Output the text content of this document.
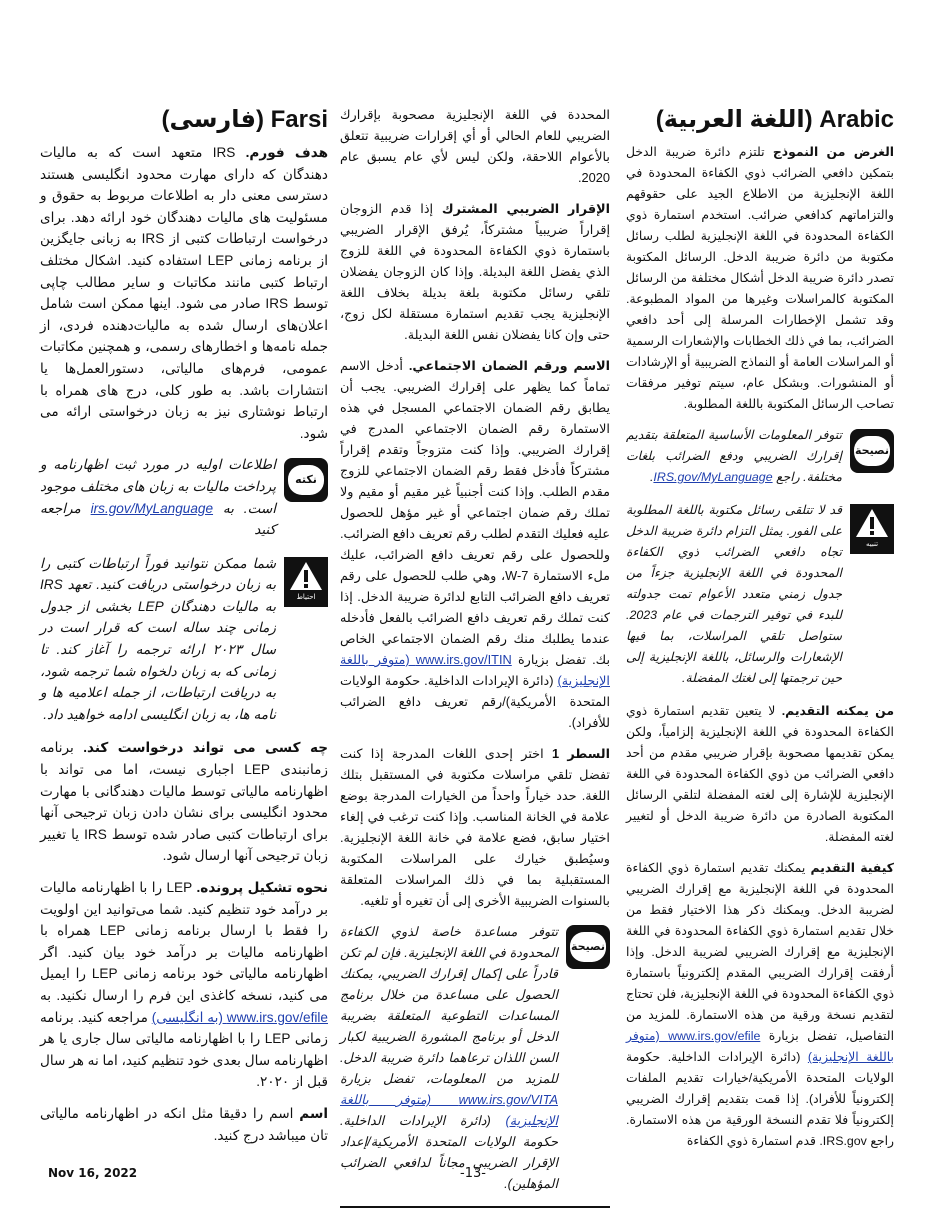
Farsi (فارسی)

هدف فورم. IRS متعهد است که به مالیات دهندگان که دارای مهارت محدود انگلیسی هستند دسترسی معنی دار به اطلاعات مربوط به حقوق و مسئولیت های مالیات دهندگان خود ارائه دهد. برای درخواست ارتباطات کتبی از IRS به زبانی جایگزین از برنامه زمانی LEP استفاده کنید. اشکال مختلف ارتباط کتبی مانند مکاتبات و سایر مطالب چاپی توسط IRS صادر می شود. اینها ممکن است شامل اعلان‌های ارسال شده به مالیات‌دهنده فردی، از جمله نامه‌ها و اخطارهای رسمی، و همچنین مکاتبات عمومی، فرم‌های مالیاتی، دستورالعمل‌ها یا انتشارات باشد. به طور کلی، درج های همراه با ارتباط نوشتاری نیز به زبان درخواستی ارائه می شود.

نکته
اطلاعات اولیه در مورد ثبت اظهارنامه و پرداخت مالیات به زبان های مختلف موجود است. به irs.gov/MyLanguage مراجعه کنید
احتیاط
شما ممکن نتوانید فوراً ارتباطات کتبی را به زبان درخواستی دریافت کنید. تعهد IRS به مالیات دهندگان LEP بخشی از جدول زمانی چند ساله است که قرار است در سال ۲۰۲۳ ارائه ترجمه را آغاز کند. تا زمانی که به زبان دلخواه شما ترجمه شود، به دریافت ارتباطات، از جمله اعلامیه ها و نامه ها، به زبان انگلیسی ادامه خواهید داد.

چه کسی می تواند درخواست کند. برنامه زمانبندی LEP اجباری نیست، اما می تواند با اظهارنامه مالیاتی توسط مالیات دهندگانی با مهارت محدود انگلیسی برای نشان دادن زبان ترجیحی آنها برای ارتباطات کتبی صادر شده توسط IRS یا تغییر زبان ترجیحی آنها ارسال شود.

نحوه تشکیل پرونده. LEP را با اظهارنامه مالیات بر درآمد خود تنظیم کنید. شما می‌توانید این اولویت را فقط با ارسال برنامه زمانی LEP همراه با اظهارنامه مالیات بر درآمد خود بیان کنید. اگر اظهارنامه مالیاتی خود برنامه زمانی LEP را ایمیل می کنید، نسخه کاغذی این فرم را ارسال نکنید. به www.irs.gov/efile (به انگلیسی) مراجعه کنید. برنامه زمانی LEP را با اظهارنامه مالیاتی سال جاری یا هر اظهارنامه سال بعدی خود تنظیم کنید، اما نه هر سال قبل از ۲۰۲۰.

اسم اسم را دقیقا مثل انکه در اظهارنامه مالیاتی تان میباشد درج کنید.

المحددة في اللغة الإنجليزية مصحوبة بإقرارك الضريبي للعام الحالي أو أي إقرارات ضريبية تتعلق بالأعوام اللاحقة، ولكن ليس لأي عام يسبق عام 2020.

الإقرار الضريبي المشترك إذا قدم الزوجان إقراراً ضريبياً مشتركاً، يُرفق الإقرار الضريبي باستمارة ذوي الكفاءة المحدودة في اللغة للزوج الذي يفضل اللغة البديلة. وإذا كان الزوجان يفضلان تلقي رسائل مكتوبة بلغة بديلة بخلاف اللغة الإنجليزية يجب تقديم استمارة مستقلة لكل زوج، حتى وإن كانا يفضلان نفس اللغة البديلة.

الاسم ورقم الضمان الاجتماعي. أدخل الاسم تماماً كما يظهر على إقرارك الضريبي. يجب أن يطابق رقم الضمان الاجتماعي المسجل في هذه الاستمارة رقم الضمان الاجتماعي المدرج في إقرارك الضريبي. وإذا كنت متزوجاً وتقدم إقراراً مشتركاً فأدخل فقط رقم الضمان الاجتماعي للزوج مقدم الطلب. وإذا كنت أجنبياً غير مقيم أو مقيم ولا تملك رقم ضمان اجتماعي أو غير مؤهل للحصول عليه فعليك التقدم لطلب رقم تعريف دافع الضرائب. وللحصول على رقم تعريف دافع الضرائب، عليك ملء الاستمارة W-7، وهي طلب للحصول على رقم تعريف دافع الضرائب التابع لدائرة ضريبة الدخل. إذا كنت تملك رقم تعريف دافع الضرائب بالفعل فأدخله عندما يطلبك منك رقم الضمان الاجتماعي الخاص بك. تفضل بزيارة www.irs.gov/ITIN (متوفر باللغة الإنجليزية) (دائرة الإيرادات الداخلية. حكومة الولايات المتحدة الأمريكية)/رقم تعريف دافع الضرائب للأفراد).

السطر 1 اختر إحدى اللغات المدرجة إذا كنت تفضل تلقي مراسلات مكتوبة في المستقبل بتلك اللغة. حدد خياراً واحداً من الخيارات المدرجة بوضع علامة في الخانة المناسب. وإذا كنت ترغب في إلغاء اختيار سابق، فضع علامة في خانة اللغة الإنجليزية. وسيُطبق خيارك على المراسلات المكتوبة المستقبلية بما في ذلك المراسلات المتعلقة بالسنوات الضريبية الأخرى إلى أن تغيره أو تلغيه.

نصيحة
تتوفر مساعدة خاصة لذوي الكفاءة المحدودة في اللغة الإنجليزية. فإن لم تكن قادراً على إكمال إقرارك الضريبي، يمكنك الحصول على مساعدة من خلال برنامج المساعدات التطوعية المتعلقة بضريبة الدخل أو برنامج المشورة الضريبية لكبار السن اللذان ترعاهما دائرة ضريبة الدخل. للمزيد من المعلومات، تفضل بزيارة www.irs.gov/VITA (متوفر باللغة الإنجليزية) (دائرة الإيرادات الداخلية. حكومة الولايات المتحدة الأمريكية/إعداد الإقرار الضريبي مجاناً لدافعي الضرائب المؤهلين).
Arabic (اللغة العربية)

الغرض من النموذج تلتزم دائرة ضريبة الدخل بتمكين دافعي الضرائب ذوي الكفاءة المحدودة في اللغة الإنجليزية من الاطلاع الجيد على حقوقهم والتزاماتهم كدافعي ضرائب. استخدم استمارة ذوي الكفاءة المحدودة في اللغة الإنجليزية لطلب رسائل مكتوبة من دائرة ضريبة الدخل. الرسائل المكتوبة تصدر دائرة ضريبة الدخل أشكال مختلفة من الرسائل المكتوبة كالمراسلات وغيرها من المواد المطبوعة. وقد تشمل الإخطارات المرسلة إلى أحد دافعي الضرائب، بما في ذلك الخطابات والإشعارات الرسمية أو المراسلات العامة أو النماذج الضريبية أو الإرشادات أو المنشورات. وبشكل عام، سيتم توفير مرفقات تصاحب الرسائل المكتوبة باللغة المطلوبة.

نصيحة
تتوفر المعلومات الأساسية المتعلقة بتقديم إقرارك الضريبي ودفع الضرائب بلغات مختلفة. راجع IRS.gov/MyLanguage.
تنبيه
قد لا تتلقى رسائل مكتوبة باللغة المطلوبة على الفور. يمثل التزام دائرة ضريبة الدخل تجاه دافعي الضرائب ذوي الكفاءة المحدودة في اللغة الإنجليزية جزءاً من جدول زمني متعدد الأعوام تمت جدولته للبدء في توفير الترجمات في عام 2023. ستواصل تلقي المراسلات، بما فيها الإشعارات والرسائل، باللغة الإنجليزية إلى حين ترجمتها إلى لغتك المفضلة.

من يمكنه التقديم. لا يتعين تقديم استمارة ذوي الكفاءة المحدودة في اللغة الإنجليزية إلزامياً، ولكن يمكن تقديمها مصحوبة بإقرار ضريبي مقدم من أحد دافعي الضرائب من ذوي الكفاءة المحدودة في اللغة الإنجليزية للإشارة إلى لغته المفضلة لتلقي الرسائل المكتوبة الصادرة من دائرة ضريبة الدخل أو لتغيير لغته المفضلة.

كيفية التقديم يمكنك تقديم استمارة ذوي الكفاءة المحدودة في اللغة الإنجليزية مع إقرارك الضريبي لضريبة الدخل. ويمكنك ذكر هذا الاختيار فقط من خلال تقديم استمارة ذوي الكفاءة المحدودة في اللغة الإنجليزية مع إقرارك الضريبي لضريبة الدخل. وإذا أرفقت إقرارك الضريبي المقدم إلكترونياً باستمارة ذوي الكفاءة المحدودة في اللغة الإنجليزية، فلن تحتاج لتقديم نسخة ورقية من هذه الاستمارة. للمزيد من التفاصيل، تفضل بزيارة www.irs.gov/efile (متوفر باللغة الإنجليزية) (دائرة الإيرادات الداخلية. حكومة الولايات المتحدة الأمريكية/خيارات تقديم الملفات إلكترونياً للأفراد). إذا قمت بتقديم إقرارك الضريبي إلكترونياً فلا تقدم النسخة الورقية من هذه الاستمارة. راجع IRS.gov. قدم استمارة ذوي الكفاءة

Nov 16, 2022	-13-
